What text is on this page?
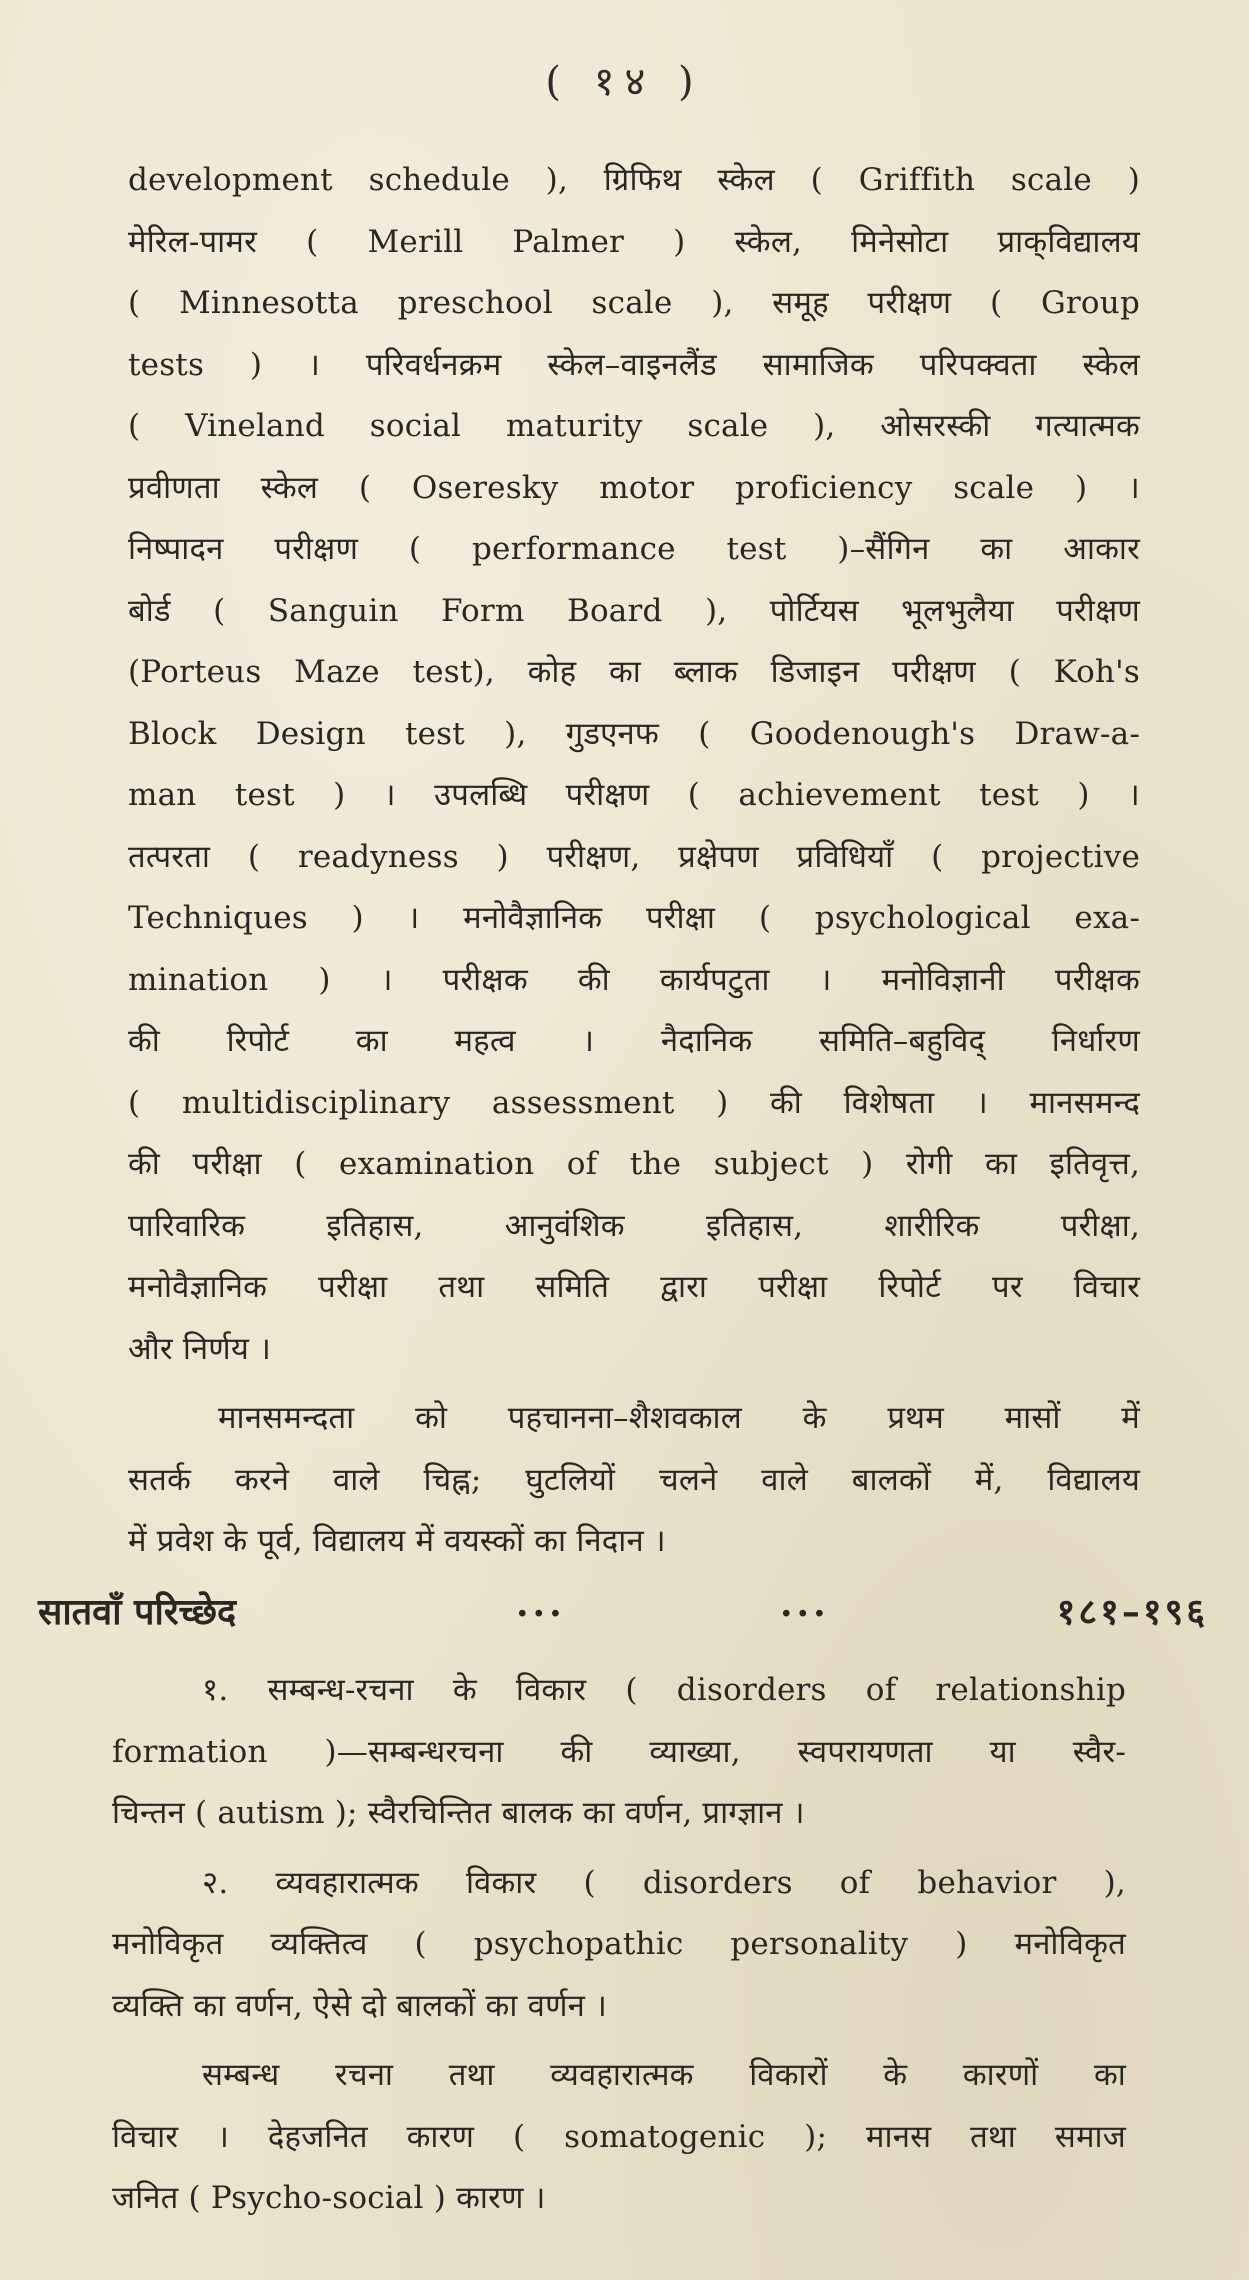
( १४ )
development schedule ), ग्रिफिथ स्केल ( Griffith scale )
मेरिल-पामर ( Merill Palmer ) स्केल, मिनेसोटा प्राक्‌विद्यालय
( Minnesotta preschool scale ), समूह परीक्षण ( Group
tests ) । परिवर्धनक्रम स्केल–वाइनलैंड सामाजिक परिपक्वता स्केल
( Vineland social maturity scale ), ओसरस्की गत्यात्मक
प्रवीणता स्केल ( Oseresky motor proficiency scale ) ।
निष्पादन परीक्षण ( performance test )–सैंगिन का आकार
बोर्ड ( Sanguin Form Board ), पोर्टियस भूलभुलैया परीक्षण
(Porteus Maze test), कोह का ब्लाक डिजाइन परीक्षण ( Koh's
Block Design test ), गुडएनफ ( Goodenough's Draw-a-
man test ) । उपलब्धि परीक्षण ( achievement test ) ।
तत्परता ( readyness ) परीक्षण, प्रक्षेपण प्रविधियाँ ( projective
Techniques ) । मनोवैज्ञानिक परीक्षा ( psychological exa-
mination ) । परीक्षक की कार्यपटुता । मनोविज्ञानी परीक्षक
की रिपोर्ट का महत्व । नैदानिक समिति–बहुविद्‌ निर्धारण
( multidisciplinary assessment ) की विशेषता । मानसमन्द
की परीक्षा ( examination of the subject ) रोगी का इतिवृत्त,
पारिवारिक इतिहास, आनुवंशिक इतिहास, शारीरिक परीक्षा,
मनोवैज्ञानिक परीक्षा तथा समिति द्वारा परीक्षा रिपोर्ट पर विचार
और निर्णय ।
मानसमन्दता को पहचानना–शैशवकाल के प्रथम मासों में
सतर्क करने वाले चिह्न; घुटलियों चलने वाले बालकों में, विद्यालय
में प्रवेश के पूर्व, विद्यालय में वयस्कों का निदान ।
सातवाँ परिच्छेद	...	...	१८१–१९६
१. सम्बन्ध-रचना के विकार ( disorders of relationship
formation )—सम्बन्धरचना की व्याख्या, स्वपरायणता या स्वैर-
चिन्तन ( autism ); स्वैरचिन्तित बालक का वर्णन, प्राग्ज्ञान ।
२. व्यवहारात्मक विकार ( disorders of behavior ),
मनोविकृत व्यक्तित्व ( psychopathic personality ) मनोविकृत
व्यक्ति का वर्णन, ऐसे दो बालकों का वर्णन ।
सम्बन्ध रचना तथा व्यवहारात्मक विकारों के कारणों का
विचार । देहजनित कारण ( somatogenic ); मानस तथा समाज
जनित ( Psycho-social ) कारण ।
